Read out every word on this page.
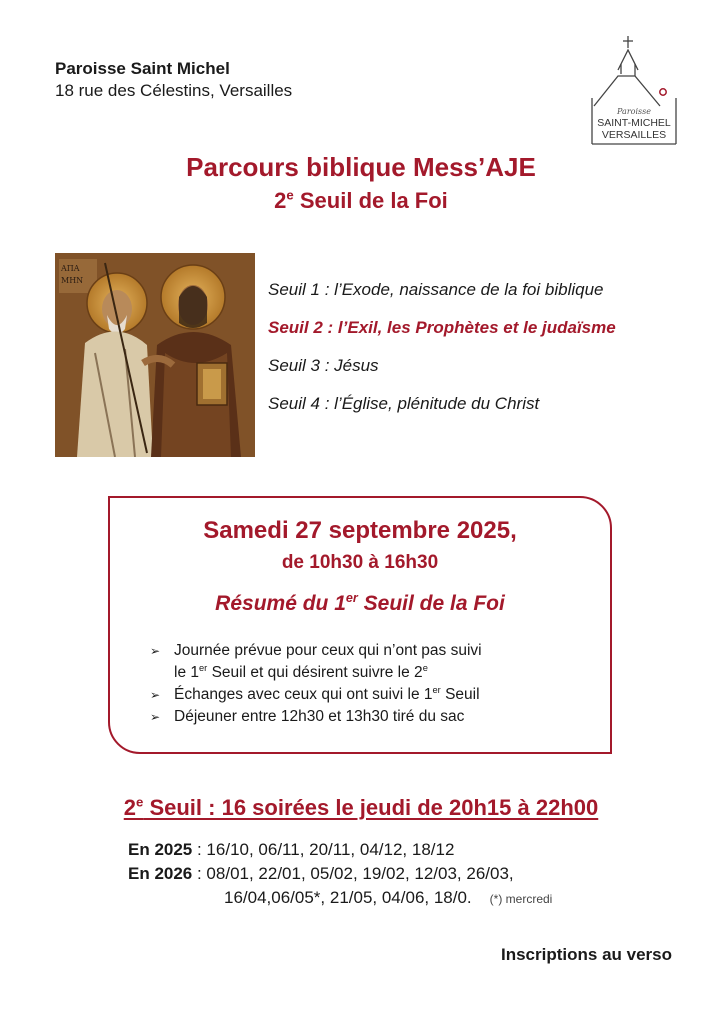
Paroisse Saint Michel
18 rue des Célestins, Versailles
Paroisse
SAINT-MICHEL
VERSAILLES
Parcours biblique Mess’AJE
2e Seuil de la Foi
ΑΠΑ
ΜΗΝ	Seuil 1 : l’Exode, naissance de la foi biblique
Seuil 2 : l’Exil, les Prophètes et le judaïsme
Seuil 3 : Jésus
Seuil 4 : l’Église, plénitude du Christ
Samedi 27 septembre 2025,
de 10h30 à 16h30
Résumé du 1er Seuil de la Foi
➢ Journée prévue pour ceux qui n’ont pas suivi
le 1er Seuil et qui désirent suivre le 2e
➢ Échanges avec ceux qui ont suivi le 1er Seuil
➢ Déjeuner entre 12h30 et 13h30 tiré du sac
2e Seuil : 16 soirées le jeudi de 20h15 à 22h00
En 2025 : 16/10, 06/11, 20/11, 04/12, 18/12
En 2026 : 08/01, 22/01, 05/02, 19/02, 12/03, 26/03,
16/04,06/05*, 21/05, 04/06, 18/0. (*) mercredi
Inscriptions au verso
